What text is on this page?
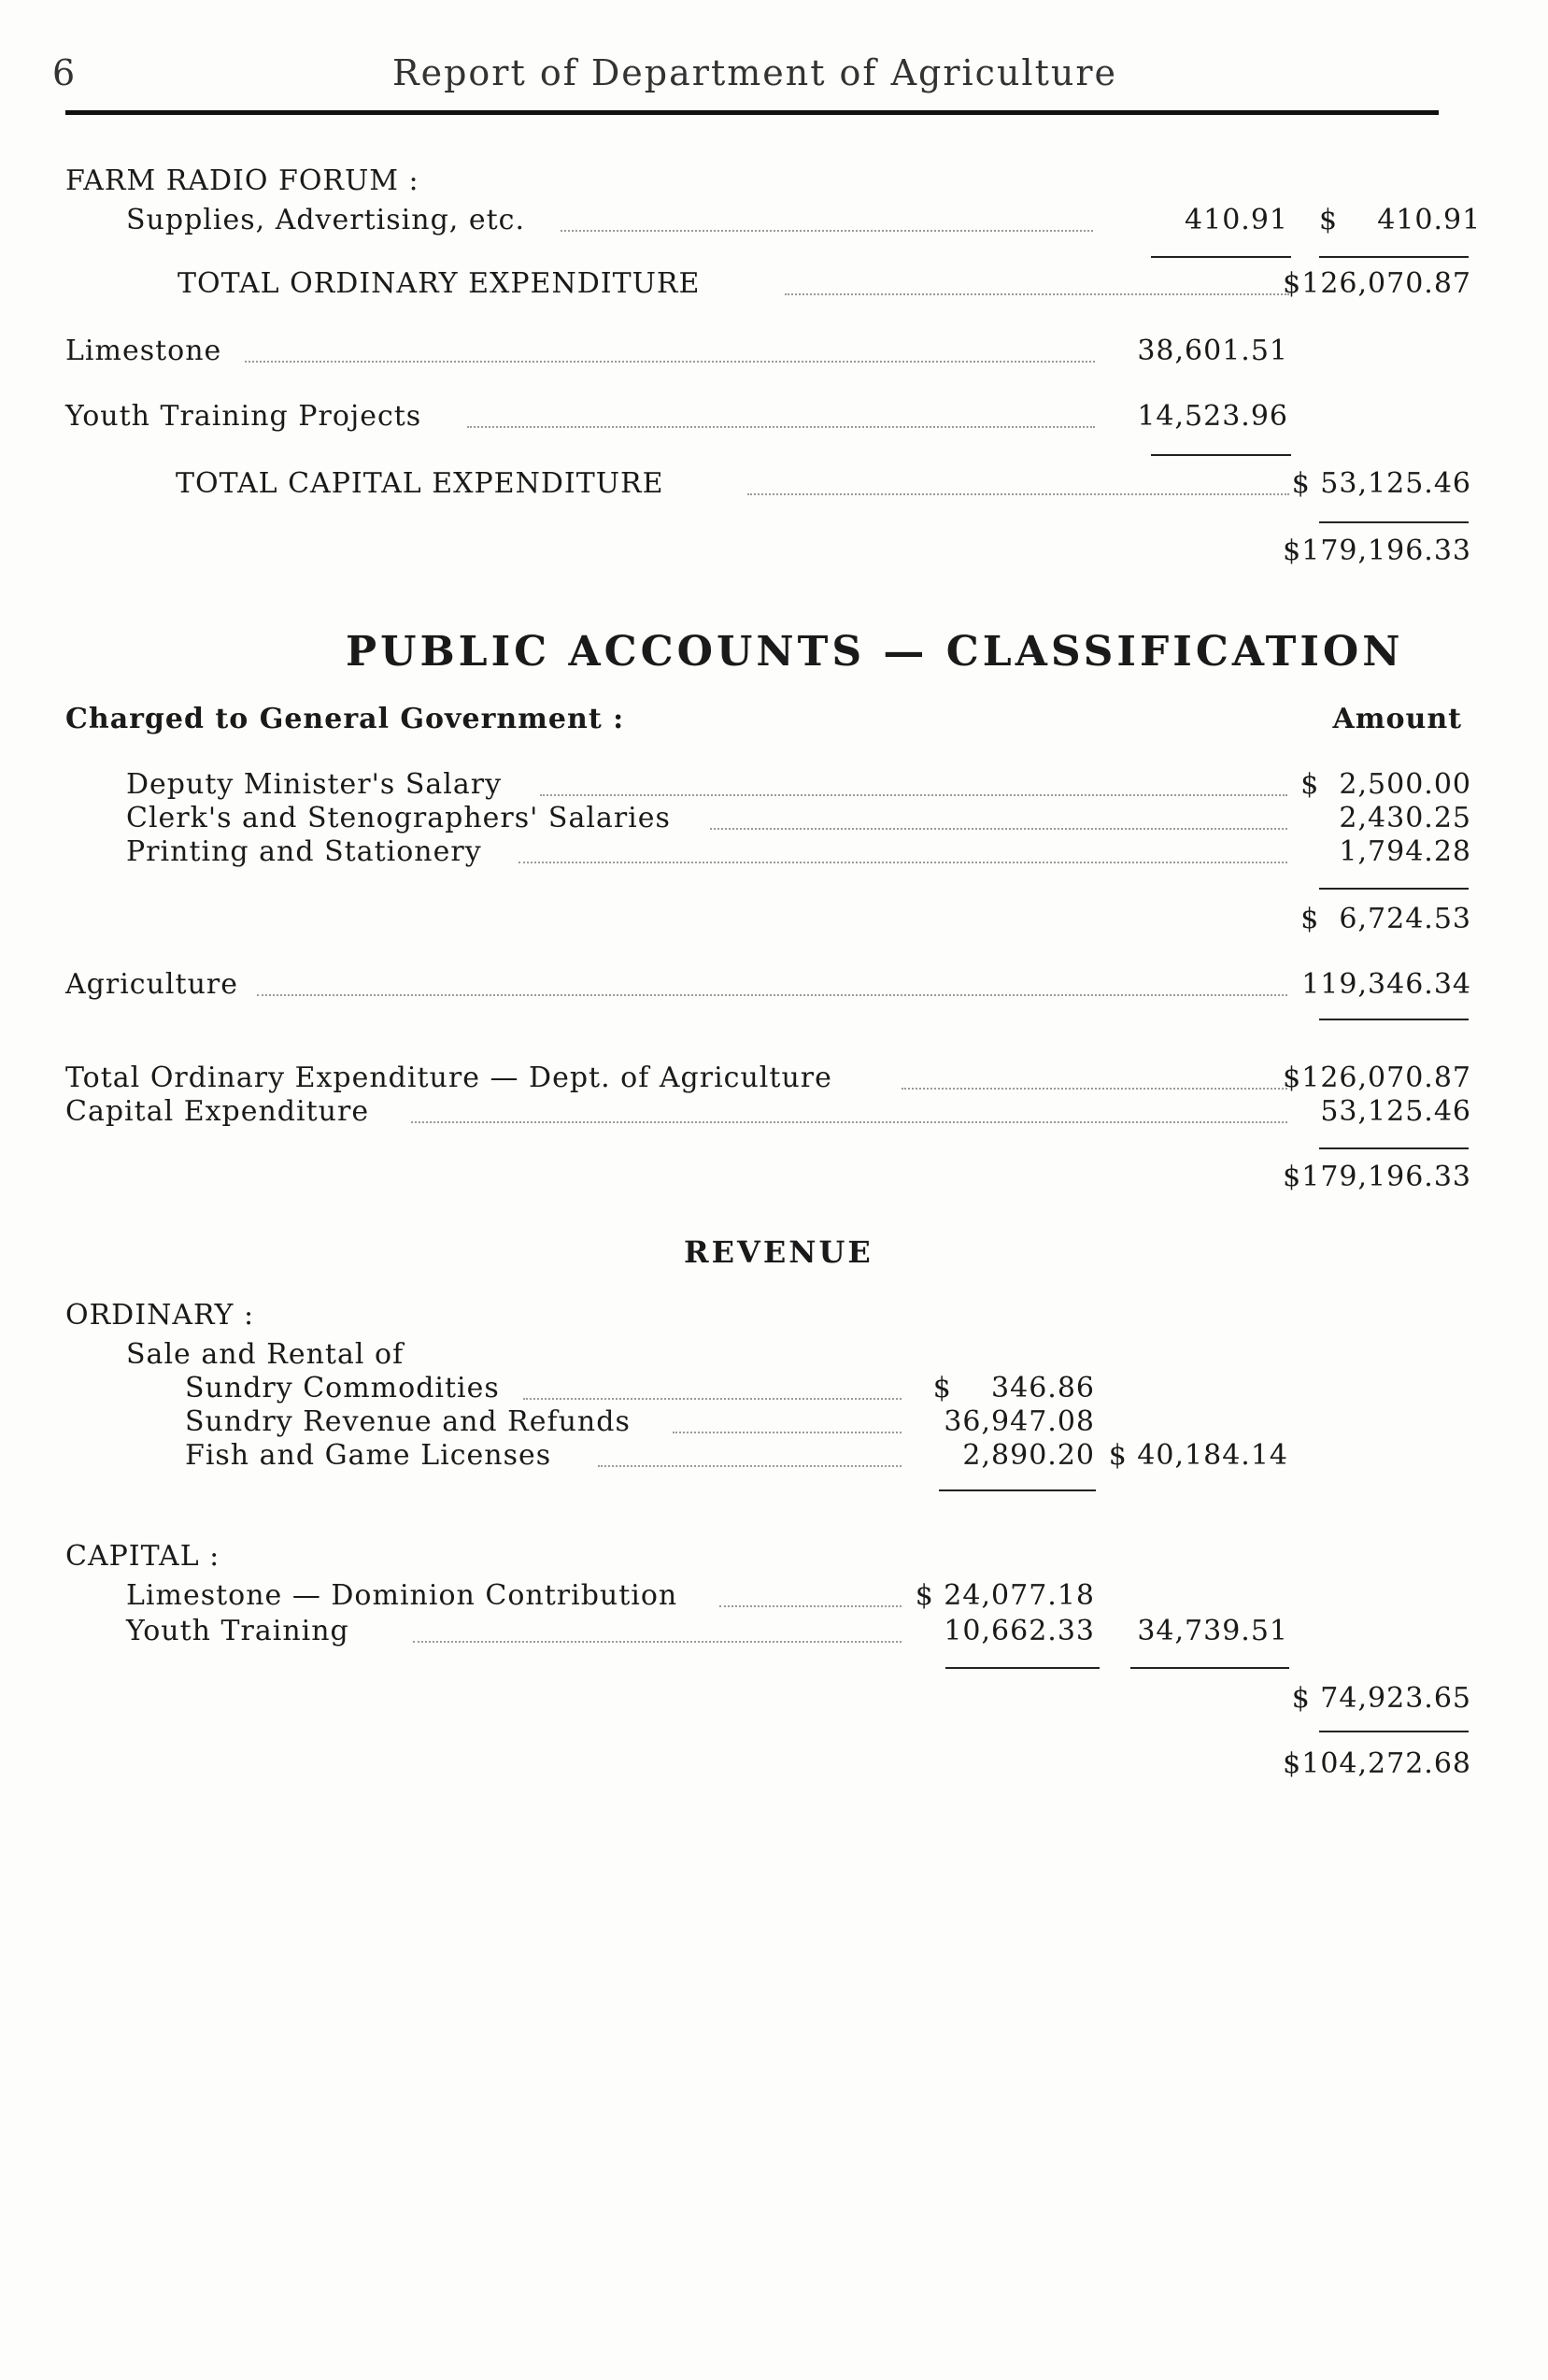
6	Report of Department of Agriculture
FARM RADIO FORUM :
Supplies, Advertising, etc.	410.91 $    410.91
TOTAL ORDINARY EXPENDITURE	$126,070.87
Limestone	38,601.51
Youth Training Projects	14,523.96
TOTAL CAPITAL EXPENDITURE	$ 53,125.46
$179,196.33
PUBLIC ACCOUNTS — CLASSIFICATION
Charged to General Government :	Amount
Deputy Minister's Salary	$  2,500.00
Clerk's and Stenographers' Salaries	2,430.25
Printing and Stationery	1,794.28
$  6,724.53
Agriculture	119,346.34
Total Ordinary Expenditure — Dept. of Agriculture	$126,070.87
Capital Expenditure	53,125.46
$179,196.33
REVENUE
ORDINARY :
Sale and Rental of
Sundry Commodities	$    346.86
Sundry Revenue and Refunds	36,947.08
Fish and Game Licenses	2,890.20 $ 40,184.14
CAPITAL :
Limestone — Dominion Contribution	$ 24,077.18
Youth Training	10,662.33 34,739.51
$ 74,923.65
$104,272.68
